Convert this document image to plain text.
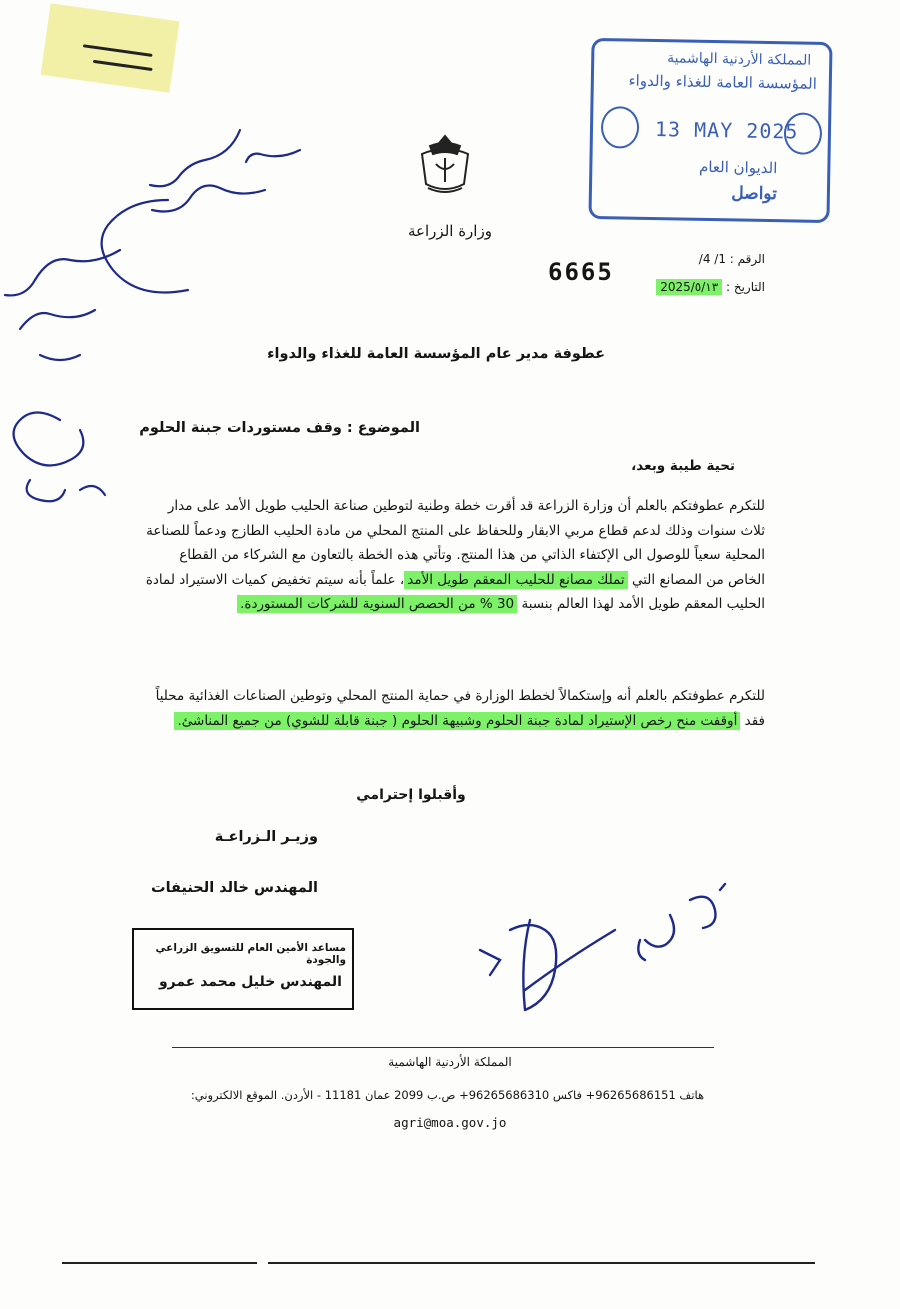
المملكة الأردنية الهاشمية
المؤسسة العامة للغذاء والدواء
13 MAY 2025
الديوان العام
تواصل
وزارة الزراعة
الرقم : 1/ 4/
التاريخ : 2025/٥/١٣
6665
عطوفة مدير عام المؤسسة العامة للغذاء والدواء
الموضوع : وقف مستوردات جبنة الحلوم
تحية طيبة وبعد،
للتكرم عطوفتكم بالعلم أن وزارة الزراعة قد أقرت خطة وطنية لتوطين صناعة الحليب طويل الأمد على مدار ثلاث سنوات وذلك لدعم قطاع مربي الابقار وللحفاظ على المنتج المحلي من مادة الحليب الطازج ودعماً للصناعة المحلية سعياً للوصول الى الإكتفاء الذاتي من هذا المنتج. وتأتي هذه الخطة بالتعاون مع الشركاء من القطاع الخاص من المصانع التي تملك مصانع للحليب المعقم طويل الأمد، علماً بأنه سيتم تخفيض كميات الاستيراد لمادة الحليب المعقم طويل الأمد لهذا العالم بنسبة 30 % من الحصص السنوية للشركات المستوردة.
للتكرم عطوفتكم بالعلم أنه وإستكمالاً لخطط الوزارة في حماية المنتج المحلي وتوطين الصناعات الغذائية محلياً فقد أوقفت منح رخص الإستيراد لمادة جبنة الحلوم وشبيهة الحلوم ( جبنة قابلة للشوي) من جميع المناشئ.
وأقبلوا إحترامي
وزيـر الـزراعـة
المهندس خالد الحنيفات
مساعد الأمين العام للتسويق الزراعي والجودة
المهندس خليل محمد عمرو
المملكة الأردنية الهاشمية
هاتف 96265686151+ فاكس 96265686310+ ص.ب 2099 عمان 11181 - الأردن. الموقع الالكتروني:
agri@moa.gov.jo
